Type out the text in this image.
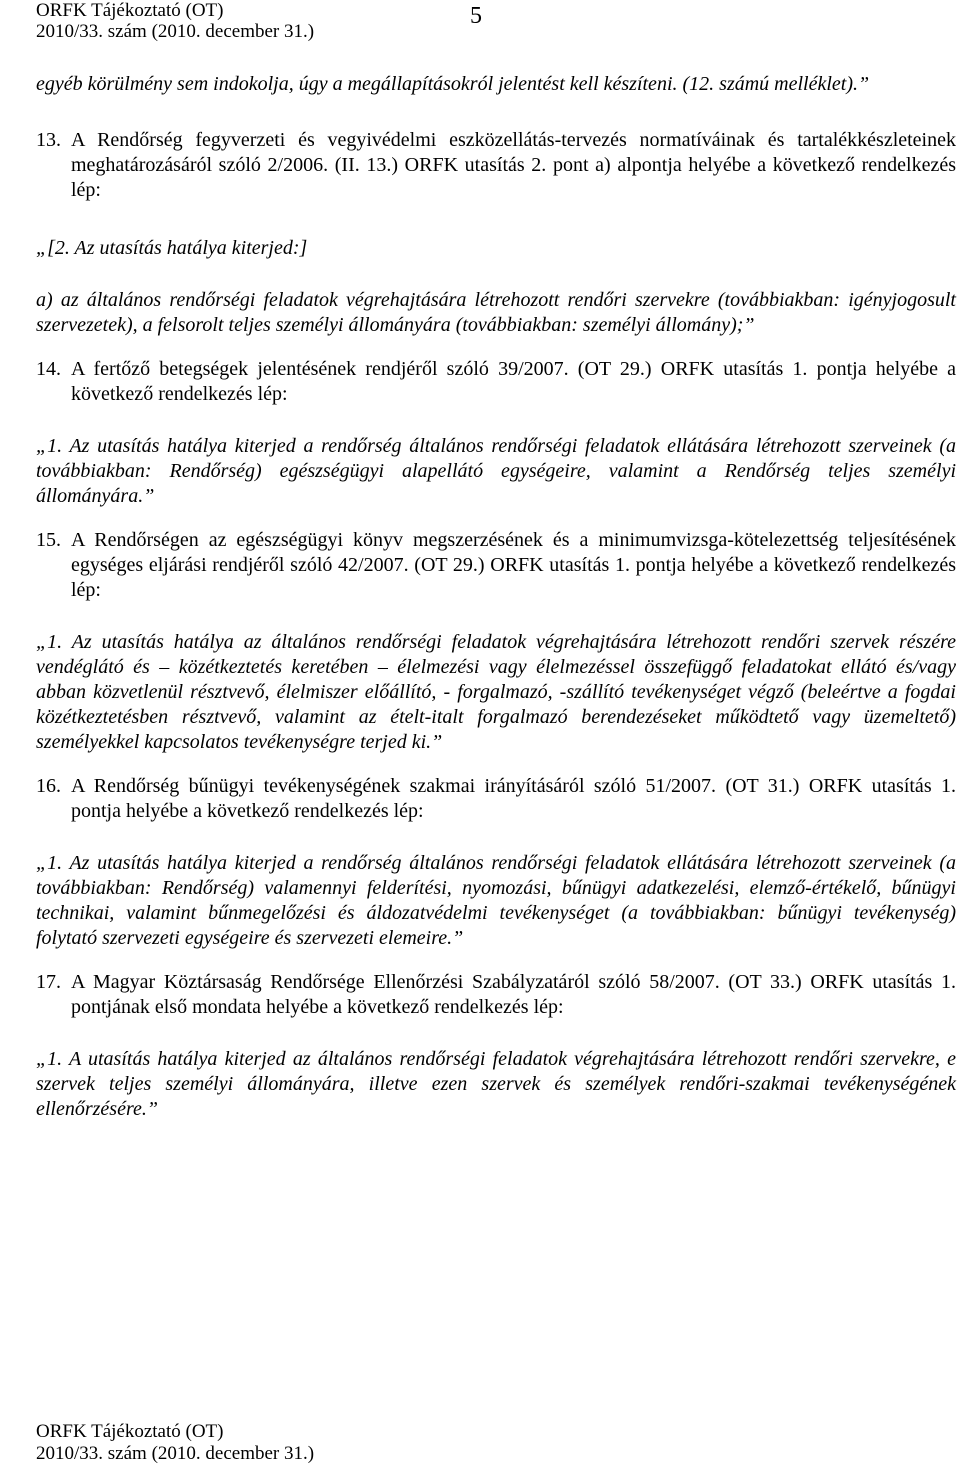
ORFK Tájékoztató (OT)
2010/33. szám (2010. december 31.)
5

egyéb körülmény sem indokolja, úgy a megállapításokról jelentést kell készíteni. (12. számú melléklet).”

13. A Rendőrség fegyverzeti és vegyivédelmi eszközellátás-tervezés normatíváinak és tartalékkészleteinek meghatározásáról szóló 2/2006. (II. 13.) ORFK utasítás 2. pont a) alpontja helyébe a következő rendelkezés lép:

„[2. Az utasítás hatálya kiterjed:]

a) az általános rendőrségi feladatok végrehajtására létrehozott rendőri szervekre (továbbiakban: igényjogosult szervezetek), a felsorolt teljes személyi állományára (továbbiakban: személyi állomány);”

14. A fertőző betegségek jelentésének rendjéről szóló 39/2007. (OT 29.) ORFK utasítás 1. pontja helyébe a következő rendelkezés lép:

„1. Az utasítás hatálya kiterjed a rendőrség általános rendőrségi feladatok ellátására létrehozott szerveinek (a továbbiakban: Rendőrség) egészségügyi alapellátó egységeire, valamint a Rendőrség teljes személyi állományára.”

15. A Rendőrségen az egészségügyi könyv megszerzésének és a minimumvizsga-kötelezettség teljesítésének egységes eljárási rendjéről szóló 42/2007. (OT 29.) ORFK utasítás 1. pontja helyébe a következő rendelkezés lép:

„1. Az utasítás hatálya az általános rendőrségi feladatok végrehajtására létrehozott rendőri szervek részére vendéglátó és – közétkeztetés keretében – élelmezési vagy élelmezéssel összefüggő feladatokat ellátó és/vagy abban közvetlenül résztvevő, élelmiszer előállító, - forgalmazó, -szállító tevékenységet végző (beleértve a fogdai közétkeztetésben résztvevő, valamint az ételt-italt forgalmazó berendezéseket működtető vagy üzemeltető) személyekkel kapcsolatos tevékenységre terjed ki.”

16. A Rendőrség bűnügyi tevékenységének szakmai irányításáról szóló 51/2007. (OT 31.) ORFK utasítás 1. pontja helyébe a következő rendelkezés lép:

„1. Az utasítás hatálya kiterjed a rendőrség általános rendőrségi feladatok ellátására létrehozott szerveinek (a továbbiakban: Rendőrség) valamennyi felderítési, nyomozási, bűnügyi adatkezelési, elemző-értékelő, bűnügyi technikai, valamint bűnmegelőzési és áldozatvédelmi tevékenységet (a továbbiakban: bűnügyi tevékenység) folytató szervezeti egységeire és szervezeti elemeire.”

17. A Magyar Köztársaság Rendőrsége Ellenőrzési Szabályzatáról szóló 58/2007. (OT 33.) ORFK utasítás 1. pontjának első mondata helyébe a következő rendelkezés lép:

„1. A utasítás hatálya kiterjed az általános rendőrségi feladatok végrehajtására létrehozott rendőri szervekre, e szervek teljes személyi állományára, illetve ezen szervek és személyek rendőri-szakmai tevékenységének ellenőrzésére.”

ORFK Tájékoztató (OT)
2010/33. szám (2010. december 31.)
